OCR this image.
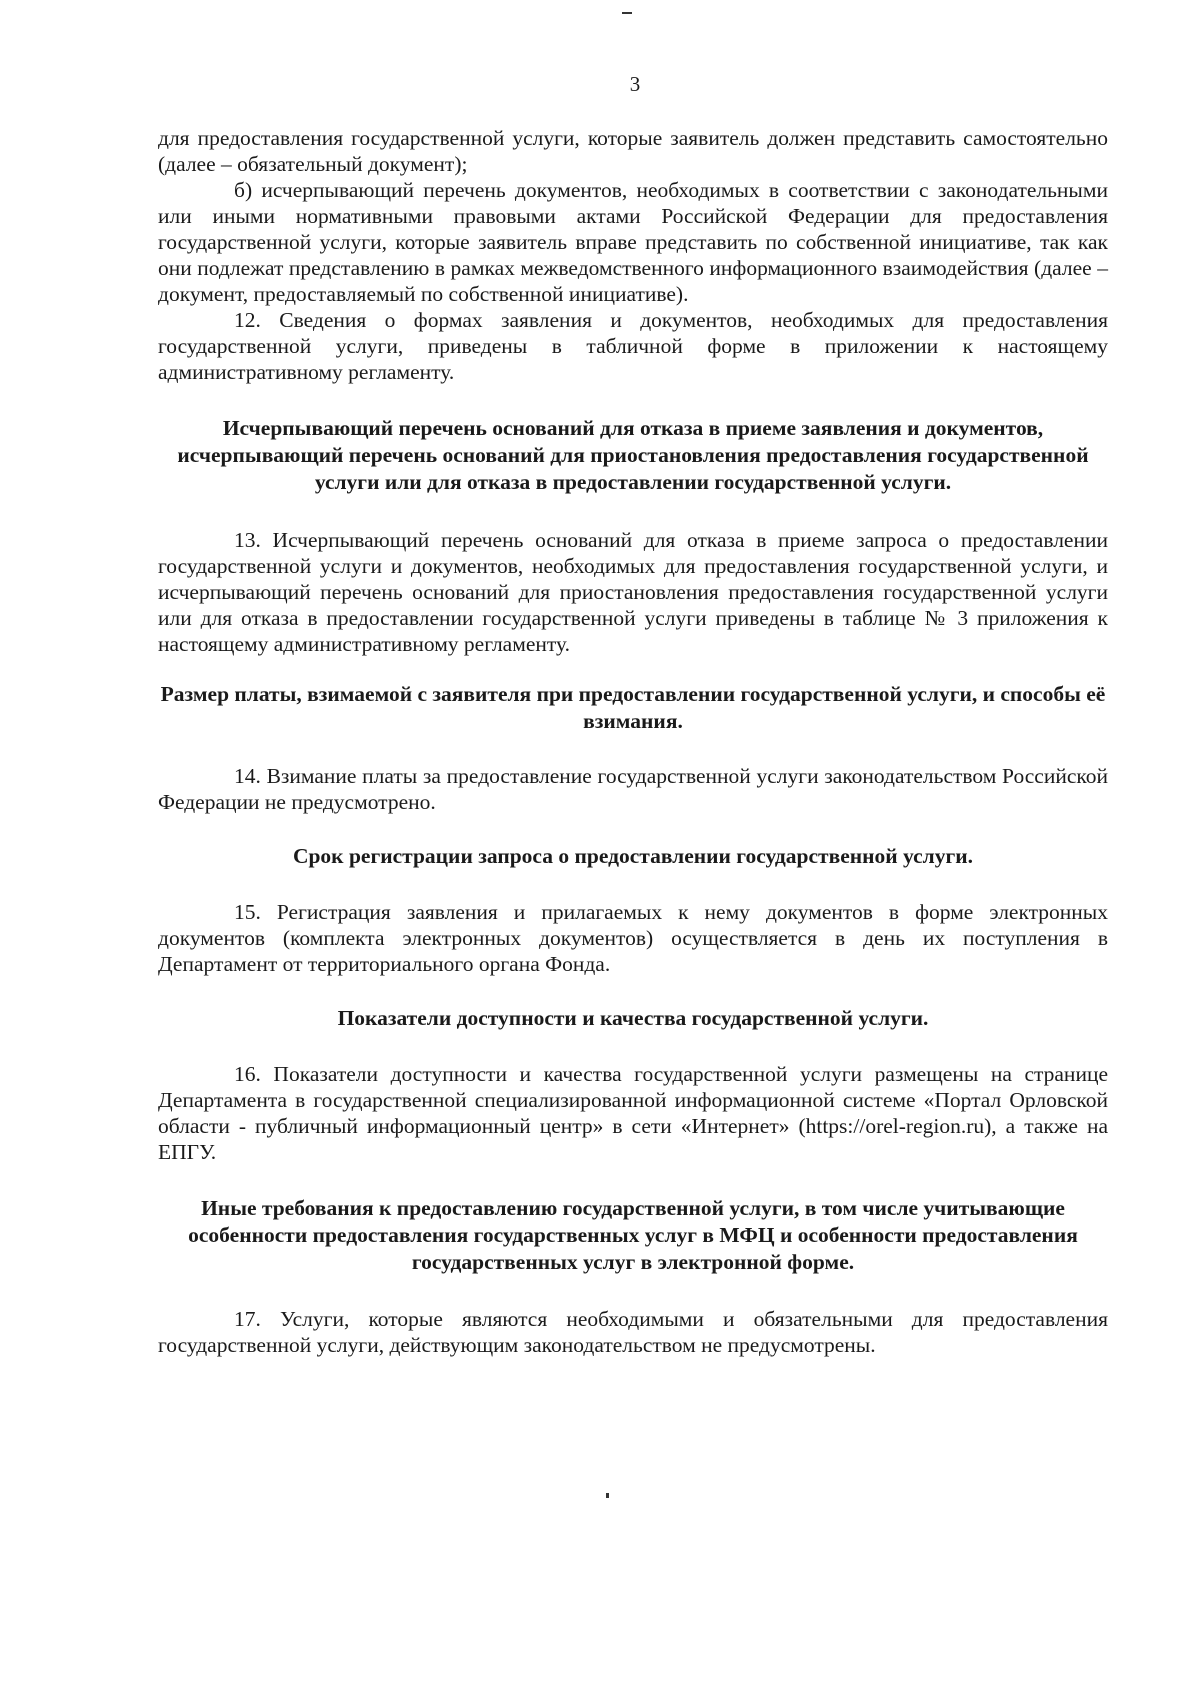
3

для предоставления государственной услуги, которые заявитель должен представить самостоятельно (далее – обязательный документ);

б) исчерпывающий перечень документов, необходимых в соответствии с законодательными или иными нормативными правовыми актами Российской Федерации для предоставления государственной услуги, которые заявитель вправе представить по собственной инициативе, так как они подлежат представлению в рамках межведомственного информационного взаимодействия (далее – документ, предоставляемый по собственной инициативе).

12. Сведения о формах заявления и документов, необходимых для предоставления государственной услуги, приведены в табличной форме в приложении к настоящему административному регламенту.

Исчерпывающий перечень оснований для отказа в приеме заявления и документов, исчерпывающий перечень оснований для приостановления предоставления государственной услуги или для отказа в предоставлении государственной услуги.

13. Исчерпывающий перечень оснований для отказа в приеме запроса о предоставлении государственной услуги и документов, необходимых для предоставления государственной услуги, и исчерпывающий перечень оснований для приостановления предоставления государственной услуги или для отказа в предоставлении государственной услуги приведены в таблице № 3 приложения к настоящему административному регламенту.

Размер платы, взимаемой с заявителя при предоставлении государственной услуги, и способы её взимания.

14. Взимание платы за предоставление государственной услуги законодательством Российской Федерации не предусмотрено.

Срок регистрации запроса о предоставлении государственной услуги.

15. Регистрация заявления и прилагаемых к нему документов в форме электронных документов (комплекта электронных документов) осуществляется в день их поступления в Департамент от территориального органа Фонда.

Показатели доступности и качества государственной услуги.

16. Показатели доступности и качества государственной услуги размещены на странице Департамента в государственной специализированной информационной системе «Портал Орловской области - публичный информационный центр» в сети «Интернет» (https://orel-region.ru), а также на ЕПГУ.

Иные требования к предоставлению государственной услуги, в том числе учитывающие особенности предоставления государственных услуг в МФЦ и особенности предоставления государственных услуг в электронной форме.

17. Услуги, которые являются необходимыми и обязательными для предоставления государственной услуги, действующим законодательством не предусмотрены.
